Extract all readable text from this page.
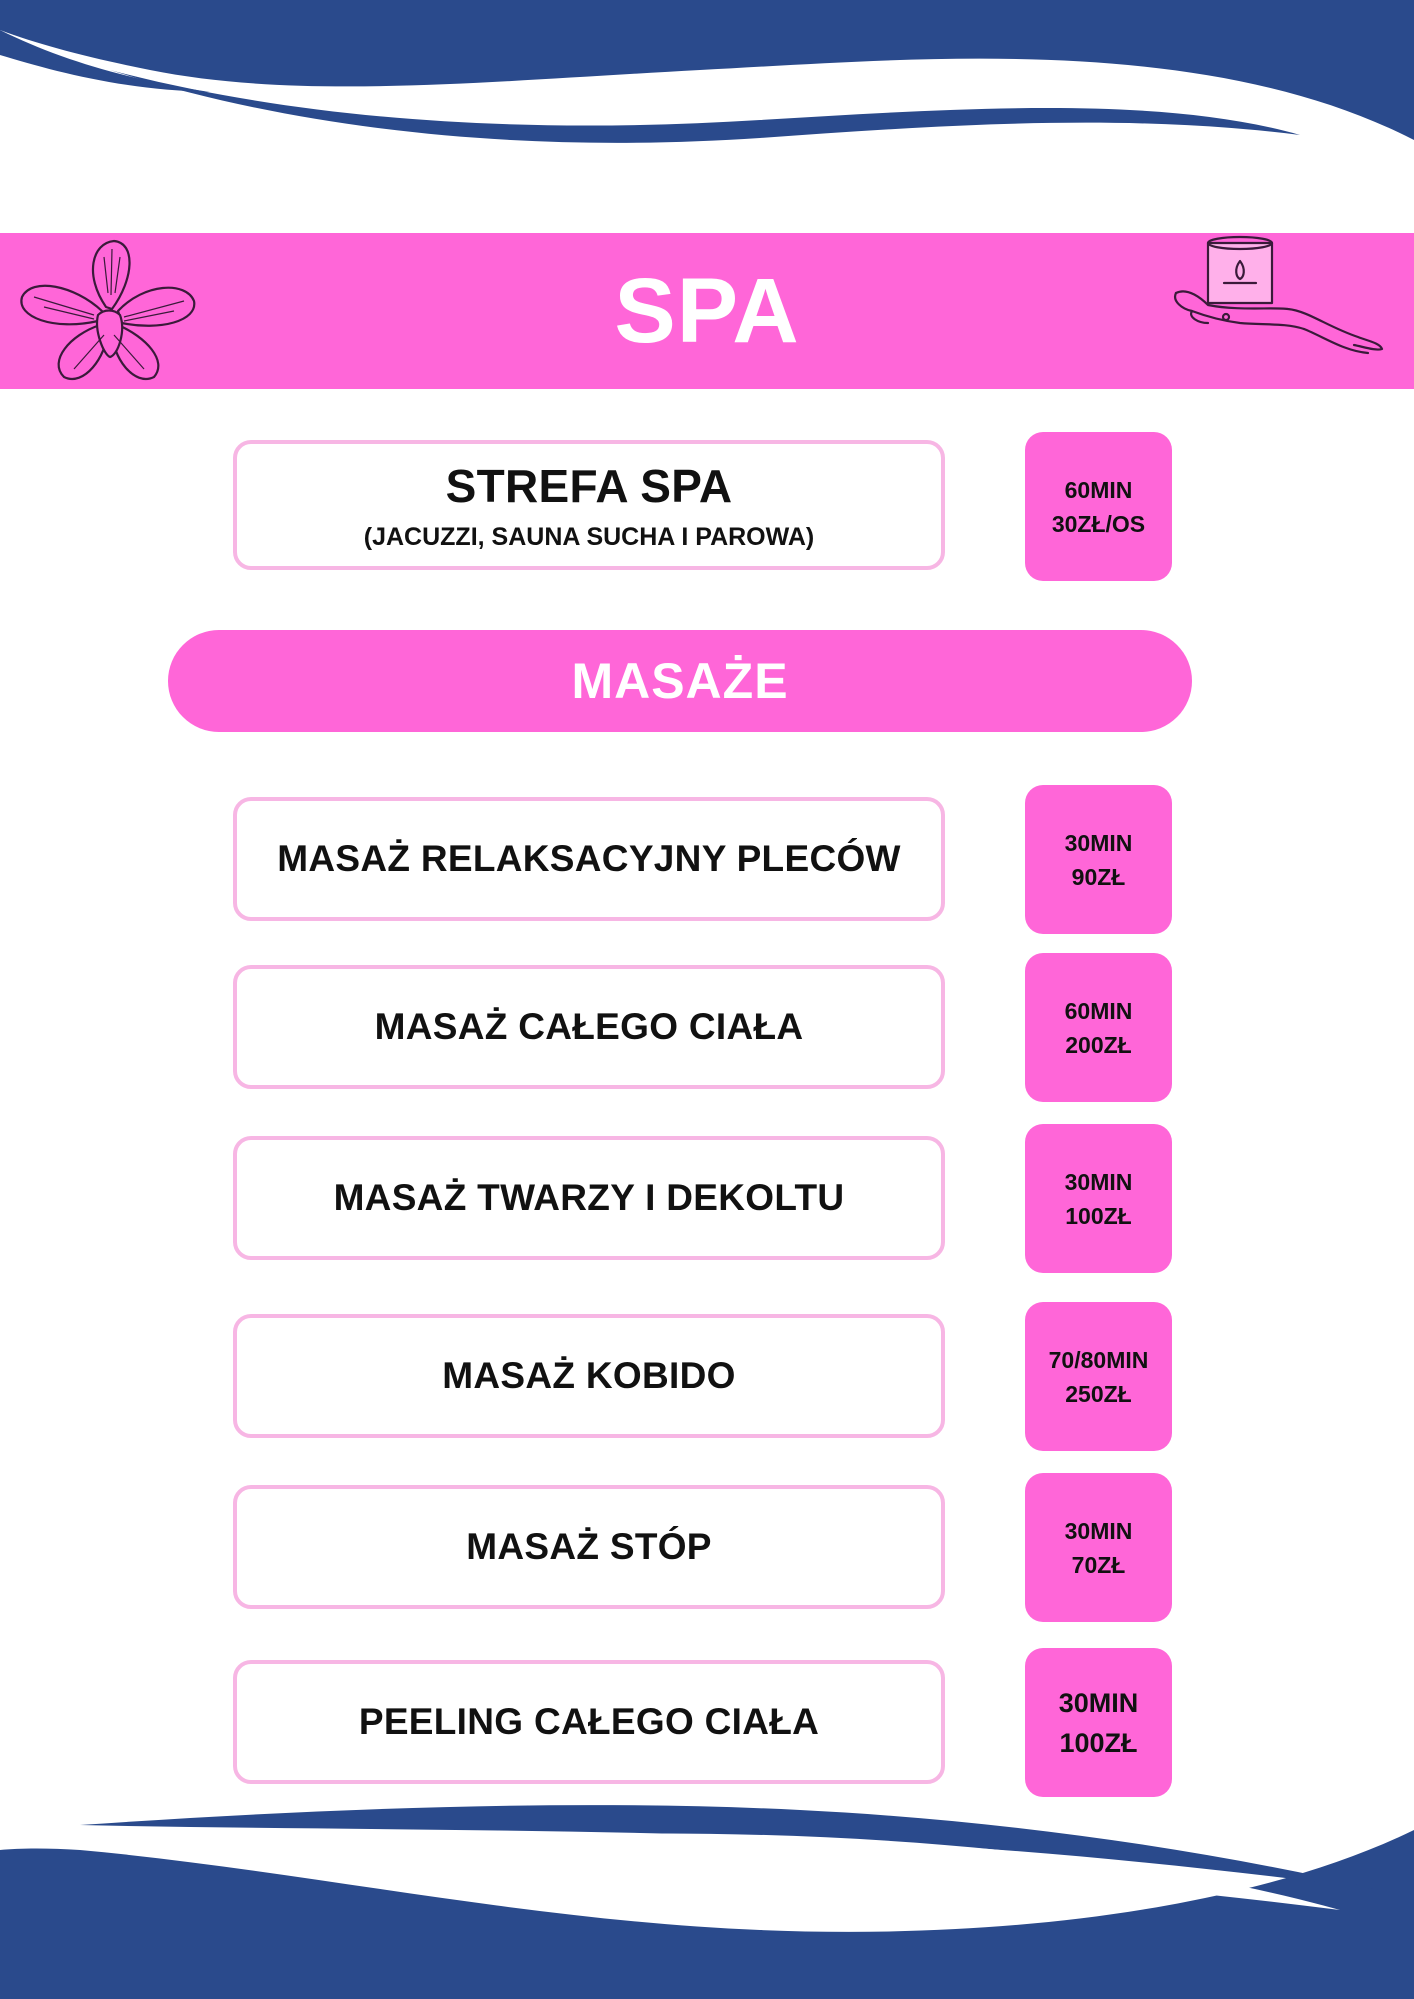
SPA
STREFA SPA
(JACUZZI, SAUNA SUCHA I PAROWA)
60MIN
30ZŁ/OS
MASAŻE
MASAŻ RELAKSACYJNY PLECÓW	30MIN
90ZŁ
MASAŻ CAŁEGO CIAŁA	60MIN
200ZŁ
MASAŻ TWARZY I DEKOLTU	30MIN
100ZŁ
MASAŻ KOBIDO	70/80MIN
250ZŁ
MASAŻ STÓP	30MIN
70ZŁ
PEELING CAŁEGO CIAŁA	30MIN
100ZŁ
